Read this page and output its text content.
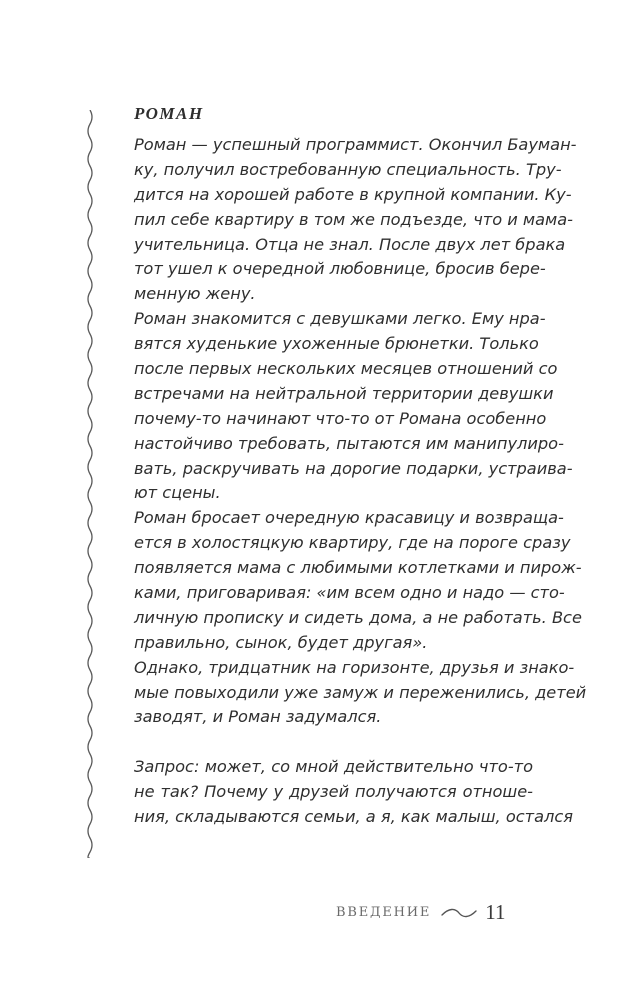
РОМАН
Роман — успешный программист. Окончил Бауман-
ку, получил востребованную специальность. Тру-
дится на хорошей работе в крупной компании. Ку-
пил себе квартиру в том же подъезде, что и мама-
учительница. Отца не знал. После двух лет брака
тот ушел к очередной любовнице, бросив бере-
менную жену.
Роман знакомится с девушками легко. Ему нра-
вятся худенькие ухоженные брюнетки. Только
после первых нескольких месяцев отношений со
встречами на нейтральной территории девушки
почему-то начинают что-то от Романа особенно
настойчиво требовать, пытаются им манипулиро-
вать, раскручивать на дорогие подарки, устраива-
ют сцены.
Роман бросает очередную красавицу и возвраща-
ется в холостяцкую квартиру, где на пороге сразу
появляется мама с любимыми котлетками и пирож-
ками, приговаривая: «им всем одно и надо — сто-
личную прописку и сидеть дома, а не работать. Все
правильно, сынок, будет другая».
Однако, тридцатник на горизонте, друзья и знако-
мые повыходили уже замуж и переженились, детей
заводят, и Роман задумался.
Запрос: может, со мной действительно что-то
не так? Почему у друзей получаются отноше-
ния, складываются семьи, а я, как малыш, остался
ВВЕДЕНИЕ	11
